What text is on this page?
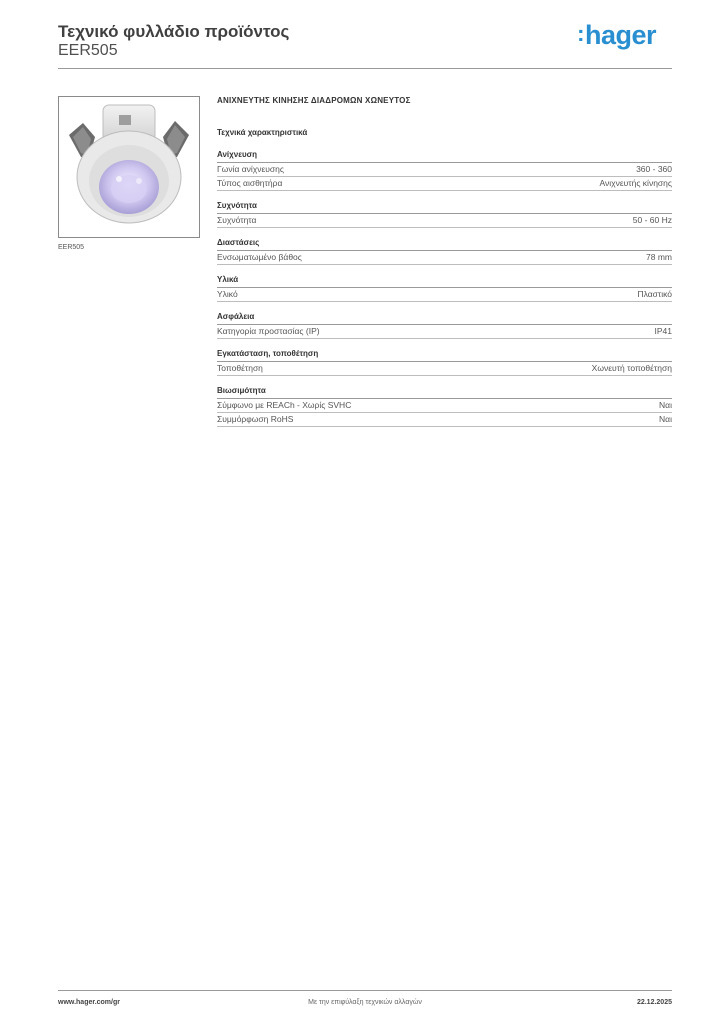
Τεχνικό φυλλάδιο προϊόντος
EER505
:hager
EER505
ΑΝΙΧΝΕΥΤΗΣ ΚΙΝΗΣΗΣ ΔΙΑΔΡΟΜΩΝ ΧΩΝΕΥΤΟΣ
Τεχνικά χαρακτηριστικά
Ανίχνευση
Γωνία ανίχνευσης	360 - 360
Τύπος αισθητήρα	Ανιχνευτής κίνησης
Συχνότητα
Συχνότητα	50 - 60 Hz
Διαστάσεις
Ενσωματωμένο βάθος	78 mm
Υλικά
Υλικό	Πλαστικό
Ασφάλεια
Κατηγορία προστασίας (IP)	IP41
Εγκατάσταση, τοποθέτηση
Τοποθέτηση	Χωνευτή τοποθέτηση
Βιωσιμότητα
Σύμφωνο με REACh - Χωρίς SVHC	Ναι
Συμμόρφωση RoHS	Ναι
www.hager.com/gr	Με την επιφύλαξη τεχνικών αλλαγών	22.12.2025
